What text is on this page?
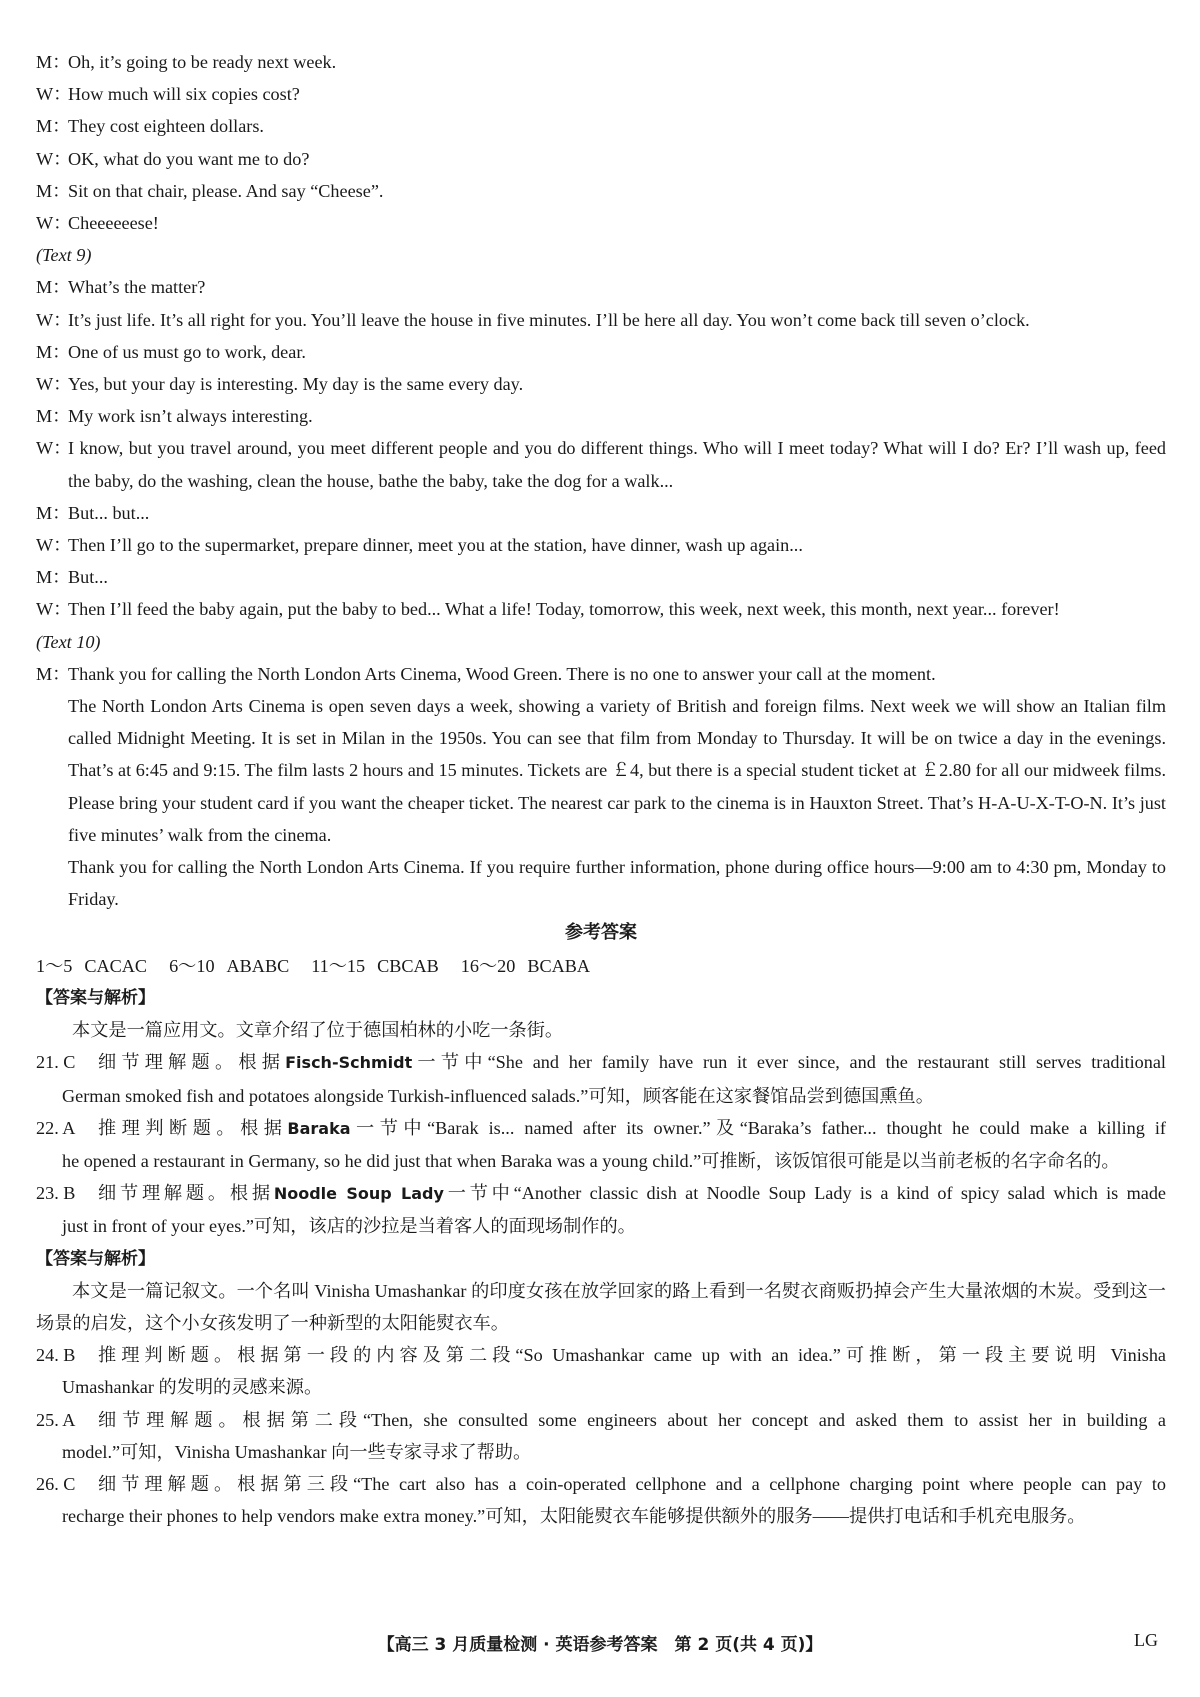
M：
Oh, it’s going to be ready next week.
W：
How much will six copies cost?
M：
They cost eighteen dollars.
W：
OK, what do you want me to do?
M：
Sit on that chair, please. And say “Cheese”.
W：
Cheeeeeese!
(Text 9)
M：
What’s the matter?
W：
It’s just life. It’s all right for you. You’ll leave the house in five minutes. I’ll be here all day. You won’t come back till seven o’clock.
M：
One of us must go to work, dear.
W：
Yes, but your day is interesting. My day is the same every day.
M：
My work isn’t always interesting.
W：
I know, but you travel around, you meet different people and you do different things. Who will I meet today? What will I do? Er? I’ll wash up, feed the baby, do the washing, clean the house, bathe the baby, take the dog for a walk...
M：
But... but...
W：
Then I’ll go to the supermarket, prepare dinner, meet you at the station, have dinner, wash up again...
M：
But...
W：
Then I’ll feed the baby again, put the baby to bed... What a life! Today, tomorrow, this week, next week, this month, next year... forever!
(Text 10)
M：
Thank you for calling the North London Arts Cinema, Wood Green. There is no one to answer your call at the moment.
The North London Arts Cinema is open seven days a week, showing a variety of British and foreign films. Next week we will show an Italian film called Midnight Meeting. It is set in Milan in the 1950s. You can see that film from Monday to Thursday. It will be on twice a day in the evenings. That’s at 6:45 and 9:15. The film lasts 2 hours and 15 minutes. Tickets are ￡4, but there is a special student ticket at ￡2.80 for all our midweek films. Please bring your student card if you want the cheaper ticket. The nearest car park to the cinema is in Hauxton Street. That’s H-A-U-X-T-O-N. It’s just five minutes’ walk from the cinema.
Thank you for calling the North London Arts Cinema. If you require further information, phone during office hours—9:00 am to 4:30 pm, Monday to Friday.
参考答案
1～5 CACAC 6～10 ABABC 11～15 CBCAB 16～20 BCABA
【答案与解析】
本文是一篇应用文。文章介绍了位于德国柏林的小吃一条街。
21. C	细节理解题。根据Fisch-Schmidt一节中“She and her family have run it ever since, and the restaurant still serves traditional
German smoked fish and potatoes alongside Turkish-influenced salads.”可知，顾客能在这家餐馆品尝到德国熏鱼。
22. A	推理判断题。根据Baraka一节中“Barak is... named after its owner.”及“Baraka’s father... thought he could make a killing if
he opened a restaurant in Germany, so he did just that when Baraka was a young child.”可推断，该饭馆很可能是以当前老板的名字命名的。
23. B	细节理解题。根据Noodle Soup Lady一节中“Another classic dish at Noodle Soup Lady is a kind of spicy salad which is made
just in front of your eyes.”可知，该店的沙拉是当着客人的面现场制作的。
【答案与解析】
本文是一篇记叙文。一个名叫 Vinisha Umashankar 的印度女孩在放学回家的路上看到一名熨衣商贩扔掉会产生大量浓烟的木炭。受到这一场景的启发，这个小女孩发明了一种新型的太阳能熨衣车。
24. B	推理判断题。根据第一段的内容及第二段“So Umashankar came up with an idea.”可推断，第一段主要说明 Vinisha
Umashankar 的发明的灵感来源。
25. A	细节理解题。根据第二段“Then, she consulted some engineers about her concept and asked them to assist her in building a
model.”可知，Vinisha Umashankar 向一些专家寻求了帮助。
26. C	细节理解题。根据第三段“The cart also has a coin-operated cellphone and a cellphone charging point where people can pay to
recharge their phones to help vendors make extra money.”可知，太阳能熨衣车能够提供额外的服务——提供打电话和手机充电服务。
【高三 3 月质量检测 · 英语参考答案　第 2 页(共 4 页)】	LG
